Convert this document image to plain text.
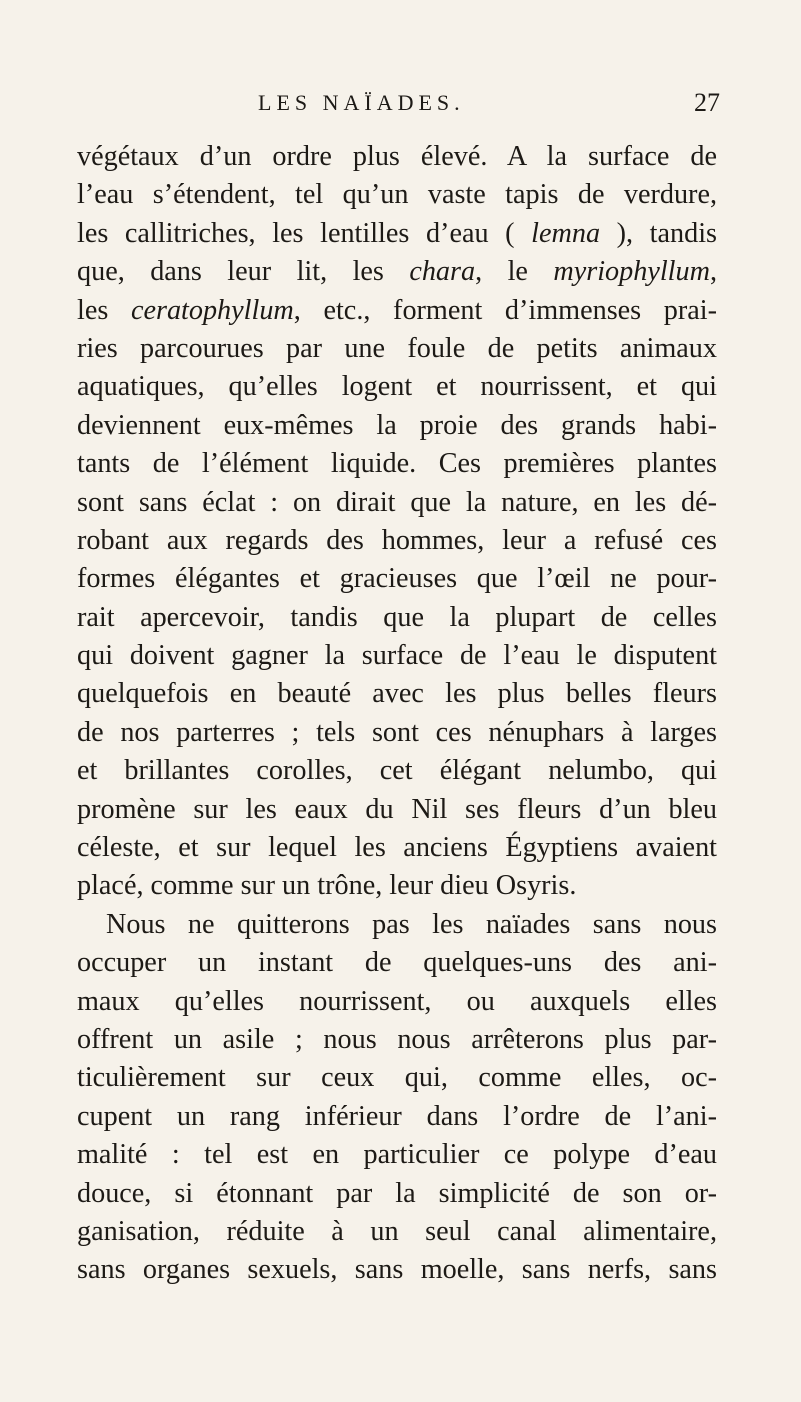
LES NAÏADES.	27
végétaux d’un ordre plus élevé. A la surface de
l’eau s’étendent, tel qu’un vaste tapis de verdure,
les callitriches, les lentilles d’eau ( lemna ), tandis
que, dans leur lit, les chara, le myriophyllum,
les ceratophyllum, etc., forment d’immenses prai-
ries parcourues par une foule de petits animaux
aquatiques, qu’elles logent et nourrissent, et qui
deviennent eux-mêmes la proie des grands habi-
tants de l’élément liquide. Ces premières plantes
sont sans éclat : on dirait que la nature, en les dé-
robant aux regards des hommes, leur a refusé ces
formes élégantes et gracieuses que l’œil ne pour-
rait apercevoir, tandis que la plupart de celles
qui doivent gagner la surface de l’eau le disputent
quelquefois en beauté avec les plus belles fleurs
de nos parterres ; tels sont ces nénuphars à larges
et brillantes corolles, cet élégant nelumbo, qui
promène sur les eaux du Nil ses fleurs d’un bleu
céleste, et sur lequel les anciens Égyptiens avaient
placé, comme sur un trône, leur dieu Osyris.
Nous ne quitterons pas les naïades sans nous
occuper un instant de quelques-uns des ani-
maux qu’elles nourrissent, ou auxquels elles
offrent un asile ; nous nous arrêterons plus par-
ticulièrement sur ceux qui, comme elles, oc-
cupent un rang inférieur dans l’ordre de l’ani-
malité : tel est en particulier ce polype d’eau
douce, si étonnant par la simplicité de son or-
ganisation, réduite à un seul canal alimentaire,
sans organes sexuels, sans moelle, sans nerfs, sans
